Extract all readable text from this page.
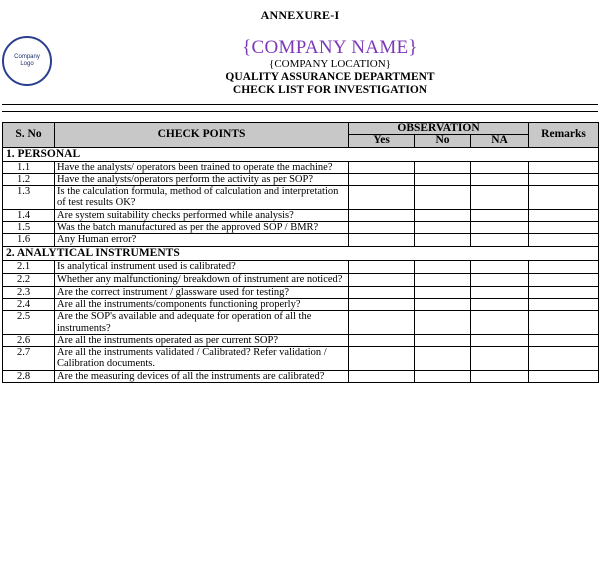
ANNEXURE-I
Company
Logo
{COMPANY NAME}
{COMPANY LOCATION}
QUALITY ASSURANCE DEPARTMENT
CHECK LIST FOR INVESTIGATION
S. No	CHECK POINTS	OBSERVATION			Remarks
		Yes	No	NA	
1. PERSONAL					
1.1	Have the analysts/ operators been trained to operate the machine?				
1.2	Have the analysts/operators perform the activity as per SOP?				
1.3	Is the calculation formula, method of calculation and interpretation of test results OK?				
1.4	Are system suitability checks performed while analysis?				
1.5	Was the batch manufactured as per the approved SOP / BMR?				
1.6	Any Human error?				
2. ANALYTICAL INSTRUMENTS					
2.1	Is analytical instrument used is calibrated?				
2.2	Whether any malfunctioning/ breakdown of instrument are noticed?				
2.3	Are the correct instrument / glassware used for testing?				
2.4	Are all the instruments/components functioning properly?				
2.5	Are the SOP's available and adequate for operation of all the instruments?				
2.6	Are all the instruments operated as per current SOP?				
2.7	Are all the instruments validated / Calibrated? Refer validation / Calibration documents.				
2.8	Are the measuring devices of all the instruments are calibrated?				
